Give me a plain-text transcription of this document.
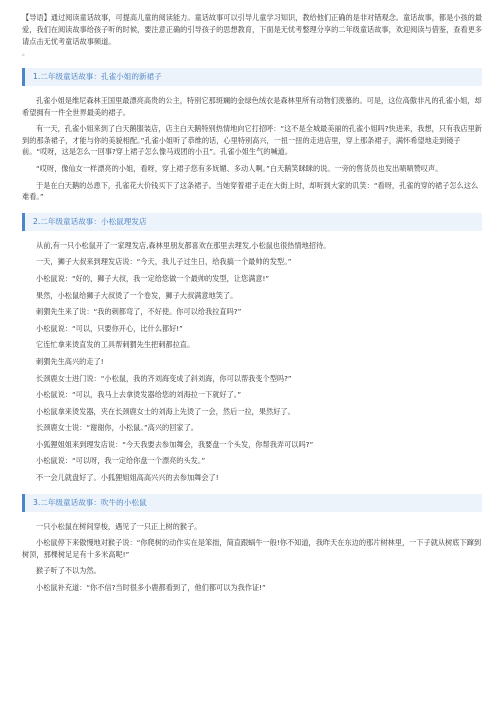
【导语】通过阅读童话故事，可提高儿童的阅读能力。童话故事可以引导儿童学习知识，教给他们正确的是非对错观念。童话故事，都是小孩的最爱，我们在阅读故事给孩子听的时候，要注意正确的引导孩子的思想教育，下面是无忧考整理分享的二年级童话故事，欢迎阅读与借鉴，查看更多请点击无忧考童话故事频道。

。

1.二年级童话故事：孔雀小姐的新裙子

孔雀小姐是维尼森林王国里最漂亮高贵的公主，特别它那斑斓的金绿色绒衣是森林里所有动物们羡慕的。可是，这位高傲非凡的孔雀小姐，却希望拥有一件全世界最美的裙子。

有一天，孔雀小姐来到了白天鹅服装店，店主白天鹅特别热情地向它打招呼：“这不是全城最美丽的孔雀小姐吗?快进来，我想，只有我店里新到的那条裙子，才能与你的美貌相配。”孔雀小姐听了恭维的话，心里特别高兴，一扭一扭的走进店里，穿上那条裙子，满怀希望地走到镜子前。“哎呀，这是怎么一回事?穿上裙子怎么像马戏团的小丑”。孔雀小姐生气的喊道。

“哎呀，像仙女一样漂亮的小姐，看呀，穿上裙子您有多妩媚、多动人啊。”白天鹅笑眯眯的说。一旁的售货员也发出啧啧赞叹声。

于是在白天鹅的怂恿下，孔雀花大价钱买下了这条裙子。当她穿着裙子走在大街上时，却听到大家的讥笑：“看呀，孔雀的穿的裙子怎么这么难看。”

2.二年级童话故事：小松鼠理发店

从前,有一只小松鼠开了一家理发店,森林里朋友都喜欢在那里去理发,小松鼠也很热情地招待。

一天，狮子大叔来到理发店说：“今天，我儿子过生日，给我搞一个最帅的发型。”

小松鼠说：“好的，狮子大叔，我一定给您做一个最帅的发型，让您满意!”

果然，小松鼠给狮子大叔烫了一个卷发，狮子大叔满意地笑了。

刺猬先生来了说：“我的刺都弯了，不好使。你可以给我拉直吗?”

小松鼠说：“可以，只要你开心，比什么都好!”

它连忙拿来烫直发的工具帮刺猬先生把刺都拉直。

刺猬先生高兴的走了!

长颈鹿女士进门说：“小松鼠，我的齐刘海变成了斜刘海，你可以帮我变个型吗?”

小松鼠说：“可以，我马上去拿烫发器给您的刘海拉一下就好了。”

小松鼠拿来烫发器，夹在长颈鹿女士的刘海上先烫了一会，然后一拉，果然好了。

长颈鹿女士说：“谢谢你，小松鼠。”高兴的回家了。

小狐狸姐姐来到理发店说：“今天我要去参加舞会，我要盘一个头发，你帮我弄可以吗?”

小松鼠说：“可以呀，我一定给你盘一个漂亮的头发。”

不一会儿就盘好了。小狐狸姐姐高高兴兴的去参加舞会了!

3.二年级童话故事：吹牛的小松鼠

一只小松鼠在树间穿梭，遇见了一只正上树的猴子。

小松鼠停下来傲慢地对猴子说：“你爬树的动作实在是笨拙，简直跟蜗牛一般!你不知道，我昨天在东边的那片树林里，一下子就从树底下蹿到树顶，那棵树足足有十多米高呢!”

猴子听了不以为然。

小松鼠补充道：“你不信?当时很多小鹿都看到了，他们都可以为我作证!”
